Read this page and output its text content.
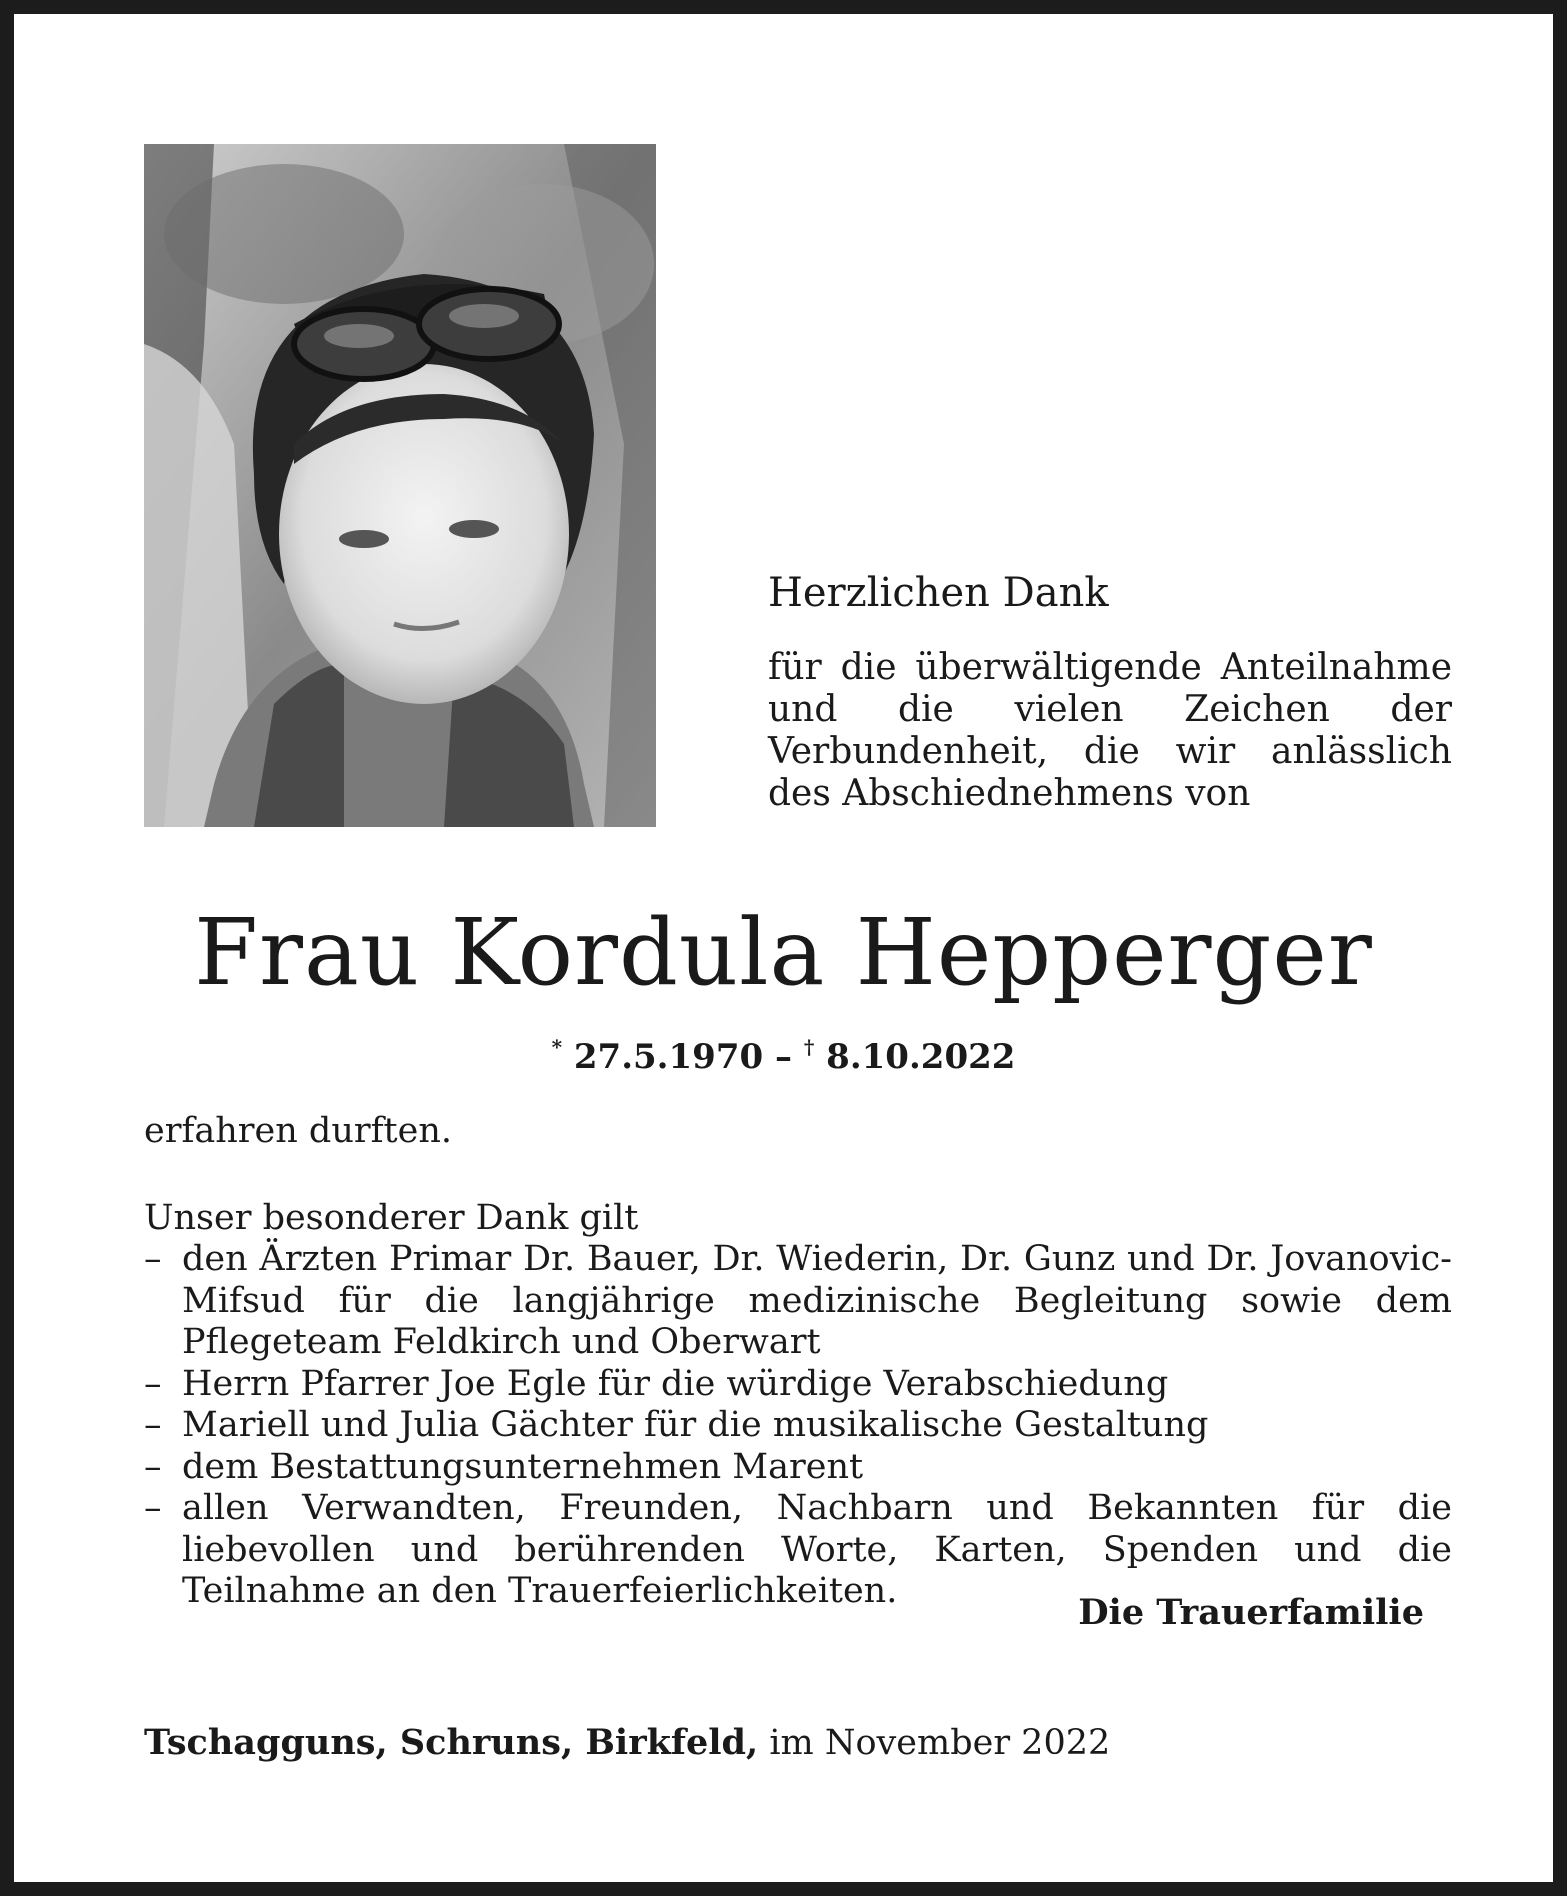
Herzlichen Dank

für die überwältigende Anteilnahme und die vielen Zeichen der Verbundenheit, die wir anlässlich des Abschiednehmens von

Frau Kordula Hepperger

* 27.5.1970 – † 8.10.2022

erfahren durften.

Unser besonderer Dank gilt

– den Ärzten Primar Dr. Bauer, Dr. Wiederin, Dr. Gunz und Dr. Jovanovic-Mifsud für die langjährige medizinische Begleitung sowie dem Pflegeteam Feldkirch und Oberwart
– Herrn Pfarrer Joe Egle für die würdige Verabschiedung
– Mariell und Julia Gächter für die musikalische Gestaltung
– dem Bestattungsunternehmen Marent
– allen Verwandten, Freunden, Nachbarn und Bekannten für die liebevollen und berührenden Worte, Karten, Spenden und die Teilnahme an den Trauerfeierlichkeiten.

Die Trauerfamilie

Tschagguns, Schruns, Birkfeld, im November 2022
